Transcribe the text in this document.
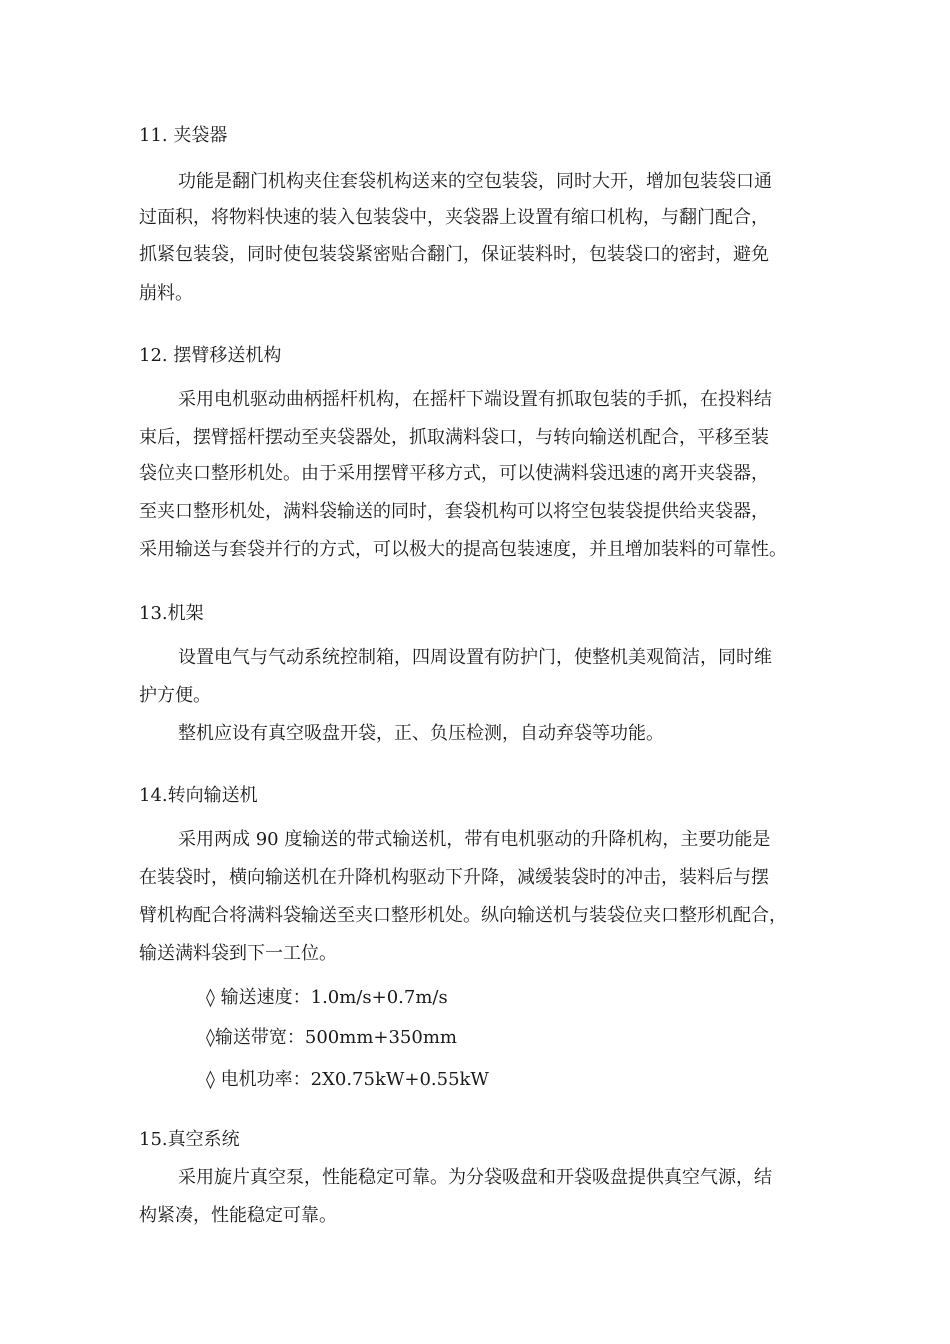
11. 夹袋器
功能是翻门机构夹住套袋机构送来的空包装袋，同时大开，增加包装袋口通
过面积，将物料快速的装入包装袋中，夹袋器上设置有缩口机构，与翻门配合，
抓紧包装袋，同时使包装袋紧密贴合翻门，保证装料时，包装袋口的密封，避免
崩料。
12. 摆臂移送机构
采用电机驱动曲柄摇杆机构，在摇杆下端设置有抓取包装的手抓，在投料结
束后，摆臂摇杆摆动至夹袋器处，抓取满料袋口，与转向输送机配合，平移至装
袋位夹口整形机处。由于采用摆臂平移方式，可以使满料袋迅速的离开夹袋器，
至夹口整形机处，满料袋输送的同时，套袋机构可以将空包装袋提供给夹袋器，
采用输送与套袋并行的方式，可以极大的提高包装速度，并且增加装料的可靠性。
13.机架
设置电气与气动系统控制箱，四周设置有防护门，使整机美观简洁，同时维
护方便。
整机应设有真空吸盘开袋，正、负压检测，自动弃袋等功能。
14.转向输送机
采用两成 90 度输送的带式输送机，带有电机驱动的升降机构，主要功能是
在装袋时，横向输送机在升降机构驱动下升降，减缓装袋时的冲击，装料后与摆
臂机构配合将满料袋输送至夹口整形机处。纵向输送机与装袋位夹口整形机配合，
输送满料袋到下一工位。
◊ 输送速度：1.0m/s+0.7m/s
◊输送带宽：500mm+350mm
◊ 电机功率：2X0.75kW+0.55kW
15.真空系统
采用旋片真空泵，性能稳定可靠。为分袋吸盘和开袋吸盘提供真空气源，结
构紧凑，性能稳定可靠。
